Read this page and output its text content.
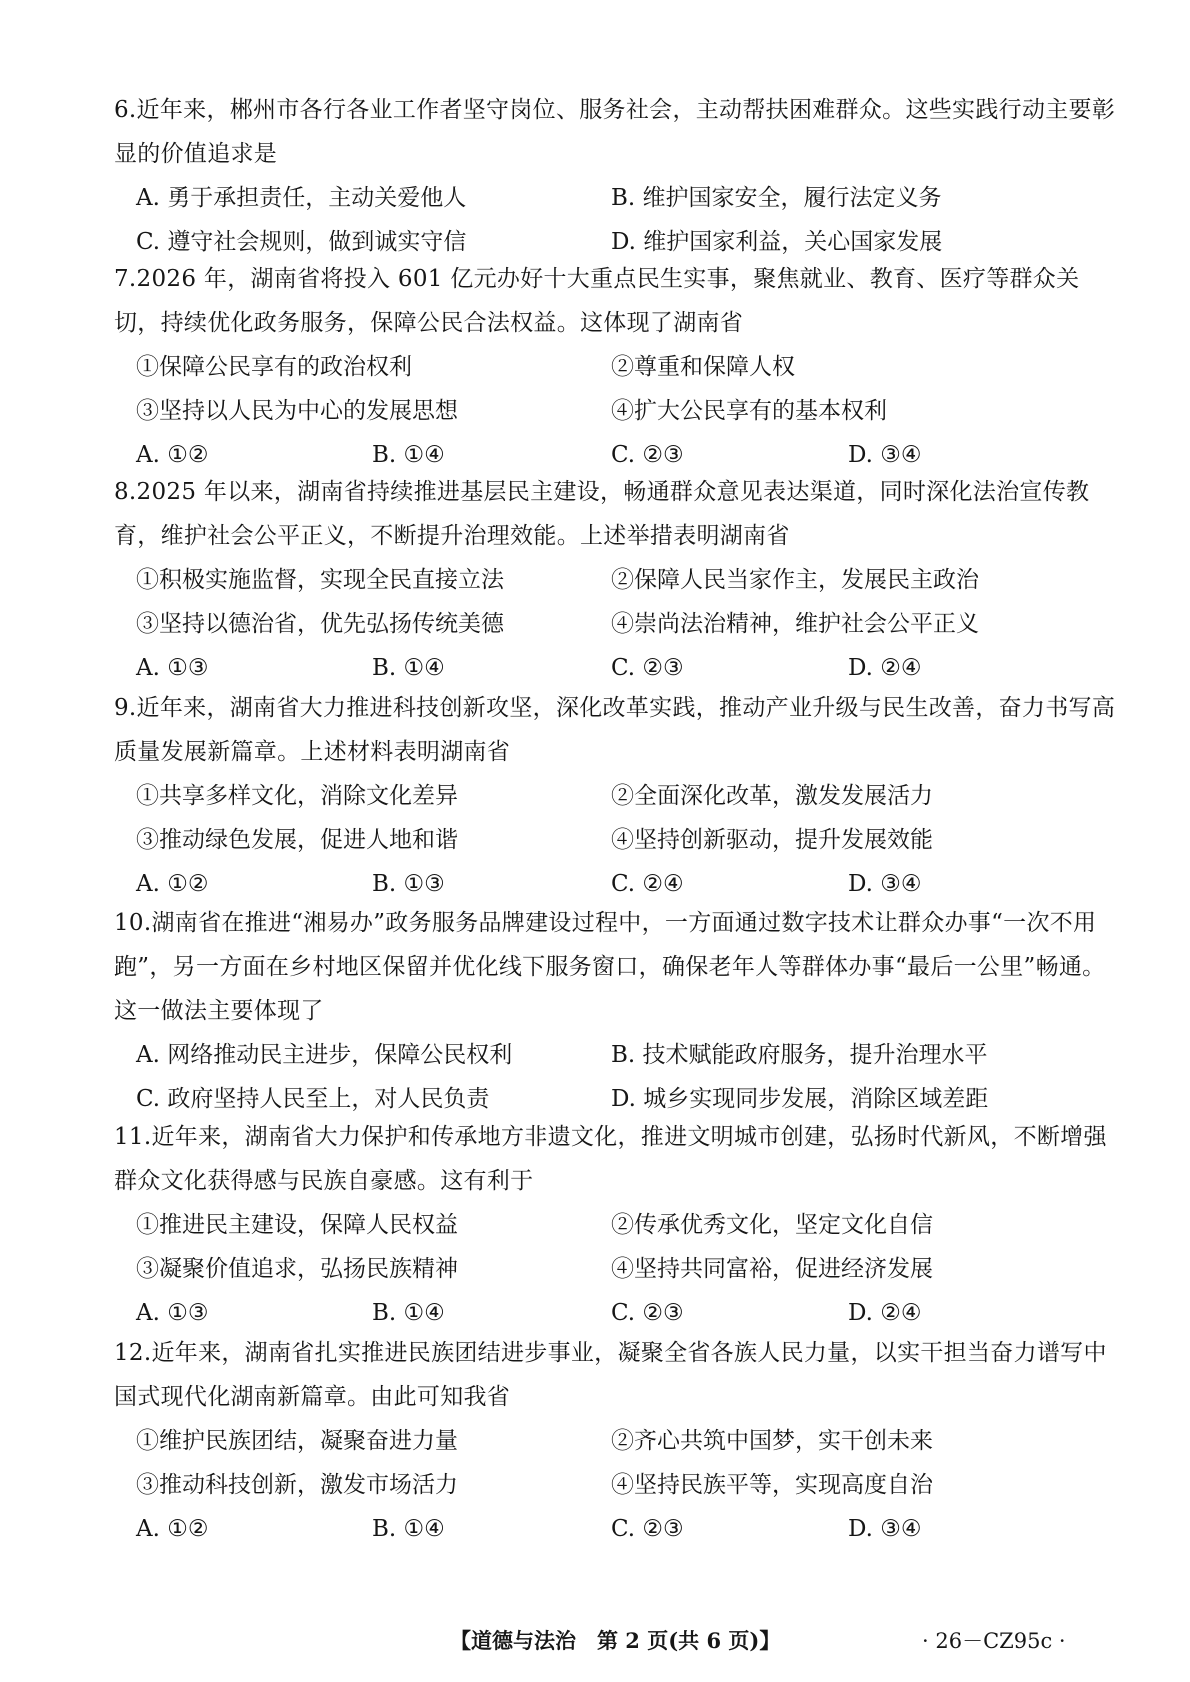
6.近年来，郴州市各行各业工作者坚守岗位、服务社会，主动帮扶困难群众。这些实践行动主要彰显的价值追求是

A. 勇于承担责任，主动关爱他人	B. 维护国家安全，履行法定义务
C. 遵守社会规则，做到诚实守信	D. 维护国家利益，关心国家发展

7.2026 年，湖南省将投入 601 亿元办好十大重点民生实事，聚焦就业、教育、医疗等群众关切，持续优化政务服务，保障公民合法权益。这体现了湖南省

①保障公民享有的政治权利	②尊重和保障人权
③坚持以人民为中心的发展思想	④扩大公民享有的基本权利
A. ①②	B. ①④	C. ②③	D. ③④

8.2025 年以来，湖南省持续推进基层民主建设，畅通群众意见表达渠道，同时深化法治宣传教育，维护社会公平正义，不断提升治理效能。上述举措表明湖南省

①积极实施监督，实现全民直接立法	②保障人民当家作主，发展民主政治
③坚持以德治省，优先弘扬传统美德	④崇尚法治精神，维护社会公平正义
A. ①③	B. ①④	C. ②③	D. ②④

9.近年来，湖南省大力推进科技创新攻坚，深化改革实践，推动产业升级与民生改善，奋力书写高质量发展新篇章。上述材料表明湖南省

①共享多样文化，消除文化差异	②全面深化改革，激发发展活力
③推动绿色发展，促进人地和谐	④坚持创新驱动，提升发展效能
A. ①②	B. ①③	C. ②④	D. ③④

10.湖南省在推进“湘易办”政务服务品牌建设过程中，一方面通过数字技术让群众办事“一次不用跑”，另一方面在乡村地区保留并优化线下服务窗口，确保老年人等群体办事“最后一公里”畅通。这一做法主要体现了

A. 网络推动民主进步，保障公民权利	B. 技术赋能政府服务，提升治理水平
C. 政府坚持人民至上，对人民负责	D. 城乡实现同步发展，消除区域差距

11.近年来，湖南省大力保护和传承地方非遗文化，推进文明城市创建，弘扬时代新风，不断增强群众文化获得感与民族自豪感。这有利于

①推进民主建设，保障人民权益	②传承优秀文化，坚定文化自信
③凝聚价值追求，弘扬民族精神	④坚持共同富裕，促进经济发展
A. ①③	B. ①④	C. ②③	D. ②④

12.近年来，湖南省扎实推进民族团结进步事业，凝聚全省各族人民力量，以实干担当奋力谱写中国式现代化湖南新篇章。由此可知我省

①维护民族团结，凝聚奋进力量	②齐心共筑中国梦，实干创未来
③推动科技创新，激发市场活力	④坚持民族平等，实现高度自治
A. ①②	B. ①④	C. ②③	D. ③④
【道德与法治　第 2 页(共 6 页)】	· 26－CZ95c ·
